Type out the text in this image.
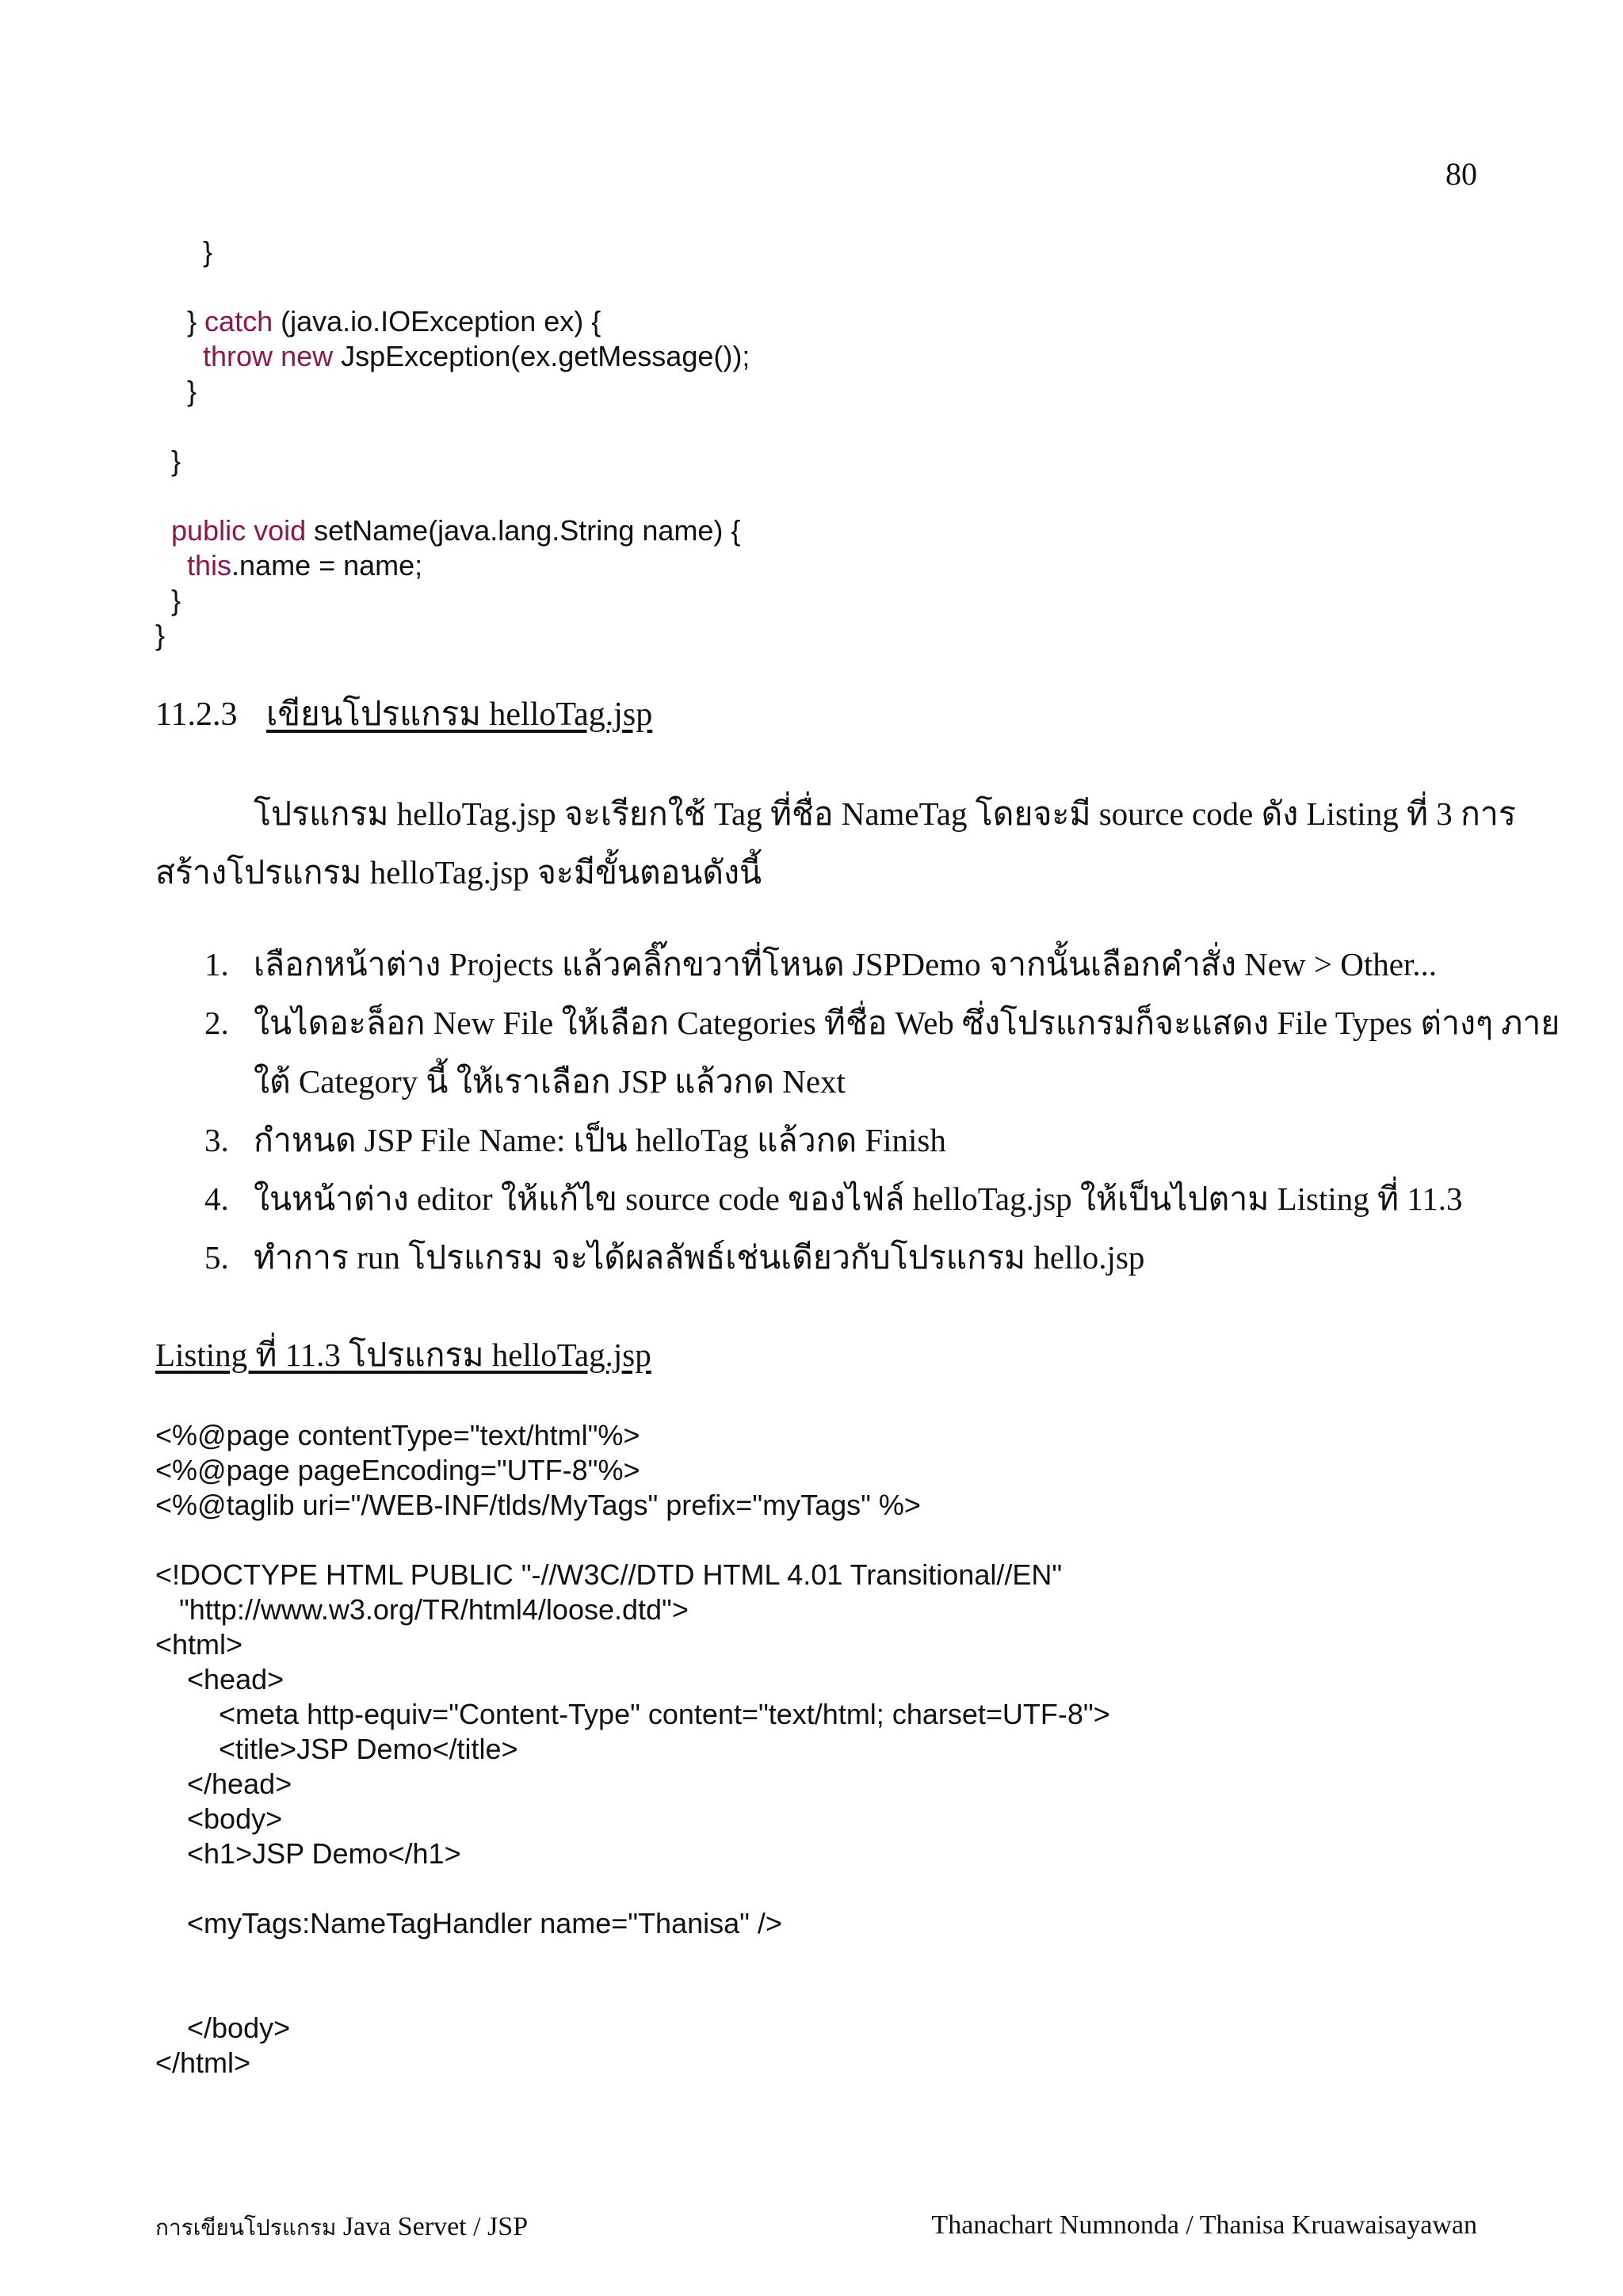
80
}
} catch (java.io.IOException ex) {
throw new JspException(ex.getMessage());
}
}
public void setName(java.lang.String name) {
this.name = name;
}
}
11.2.3 เขียนโปรแกรม helloTag.jsp

โปรแกรม helloTag.jsp จะเรียกใช้ Tag ที่ชื่อ NameTag โดยจะมี source code ดัง Listing ที่ 3 การ
สร้างโปรแกรม helloTag.jsp จะมีขั้นตอนดังนี้

1. เลือกหน้าต่าง Projects แล้วคลิ๊กขวาที่โหนด JSPDemo จากนั้นเลือกคำสั่ง New > Other...
2. ในไดอะล็อก New File ให้เลือก Categories ทีชื่อ Web ซึ่งโปรแกรมก็จะแสดง File Types ต่างๆ ภาย
ใต้ Category นี้ ให้เราเลือก JSP แล้วกด Next
3. กำหนด JSP File Name: เป็น helloTag แล้วกด Finish
4. ในหน้าต่าง editor ให้แก้ไข source code ของไฟล์ helloTag.jsp ให้เป็นไปตาม Listing ที่ 11.3
5. ทำการ run โปรแกรม จะได้ผลลัพธ์เช่นเดียวกับโปรแกรม hello.jsp
Listing ที่ 11.3 โปรแกรม helloTag.jsp
<%@page contentType="text/html"%>
<%@page pageEncoding="UTF-8"%>
<%@taglib uri="/WEB-INF/tlds/MyTags" prefix="myTags" %>
<!DOCTYPE HTML PUBLIC "-//W3C//DTD HTML 4.01 Transitional//EN"
"http://www.w3.org/TR/html4/loose.dtd">
<html>
<head>
<meta http-equiv="Content-Type" content="text/html; charset=UTF-8">
<title>JSP Demo</title>
</head>
<body>
<h1>JSP Demo</h1>
<myTags:NameTagHandler name="Thanisa" />
</body>
</html>
การเขียนโปรแกรม Java Servet / JSP	Thanachart Numnonda / Thanisa Kruawaisayawan
